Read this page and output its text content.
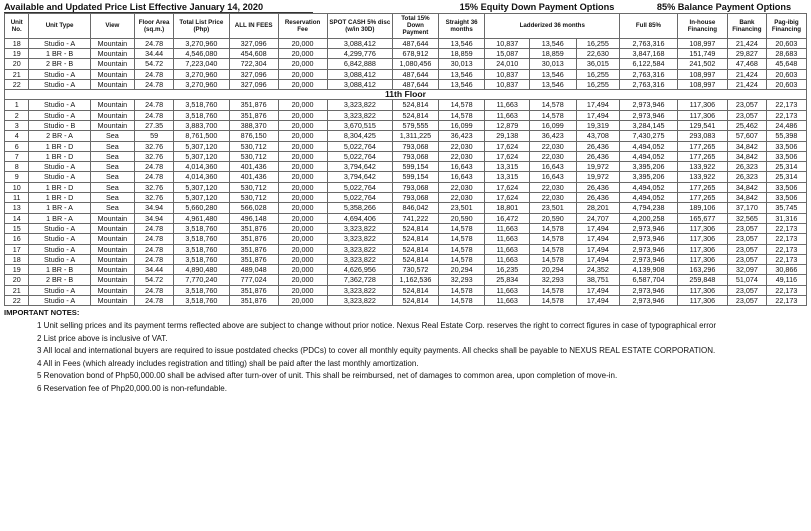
Available and Updated Price List Effective January 14, 2020	15% Equity Down Payment Options	85% Balance Payment Options
Unit No.	Unit Type	View	Floor Area (sq.m.)	Total List Price (Php)	ALL IN FEES	Reservation Fee	SPOT CASH 5% disc (w/in 30D)	Total 15% Down Payment	Straight 36 months	Ladderized 36 months			Full 85%	In-house Financing	Bank Financing	Pag-ibig Financing
18	Studio - A	Mountain	24.78	3,270,960	327,096	20,000	3,088,412	487,644	13,546	10,837	13,546	16,255	2,763,316	108,997	21,424	20,603
19	1 BR - B	Mountain	34.44	4,546,080	454,608	20,000	4,299,776	678,912	18,859	15,087	18,859	22,630	3,847,168	151,749	29,827	28,683
20	2 BR - B	Mountain	54.72	7,223,040	722,304	20,000	6,842,888	1,080,456	30,013	24,010	30,013	36,015	6,122,584	241,502	47,468	45,648
21	Studio - A	Mountain	24.78	3,270,960	327,096	20,000	3,088,412	487,644	13,546	10,837	13,546	16,255	2,763,316	108,997	21,424	20,603
22	Studio - A	Mountain	24.78	3,270,960	327,096	20,000	3,088,412	487,644	13,546	10,837	13,546	16,255	2,763,316	108,997	21,424	20,603
11th Floor																
1	Studio - A	Mountain	24.78	3,518,760	351,876	20,000	3,323,822	524,814	14,578	11,663	14,578	17,494	2,973,946	117,306	23,057	22,173
2	Studio - A	Mountain	24.78	3,518,760	351,876	20,000	3,323,822	524,814	14,578	11,663	14,578	17,494	2,973,946	117,306	23,057	22,173
3	Studio - B	Mountain	27.35	3,883,700	388,370	20,000	3,670,515	579,555	16,099	12,879	16,099	19,319	3,284,145	129,541	25,462	24,486
4	2 BR - A	Sea	59	8,761,500	876,150	20,000	8,304,425	1,311,225	36,423	29,138	36,423	43,708	7,430,275	293,083	57,607	55,398
6	1 BR - D	Sea	32.76	5,307,120	530,712	20,000	5,022,764	793,068	22,030	17,624	22,030	26,436	4,494,052	177,265	34,842	33,506
7	1 BR - D	Sea	32.76	5,307,120	530,712	20,000	5,022,764	793,068	22,030	17,624	22,030	26,436	4,494,052	177,265	34,842	33,506
8	Studio - A	Sea	24.78	4,014,360	401,436	20,000	3,794,642	599,154	16,643	13,315	16,643	19,972	3,395,206	133,922	26,323	25,314
9	Studio - A	Sea	24.78	4,014,360	401,436	20,000	3,794,642	599,154	16,643	13,315	16,643	19,972	3,395,206	133,922	26,323	25,314
10	1 BR - D	Sea	32.76	5,307,120	530,712	20,000	5,022,764	793,068	22,030	17,624	22,030	26,436	4,494,052	177,265	34,842	33,506
11	1 BR - D	Sea	32.76	5,307,120	530,712	20,000	5,022,764	793,068	22,030	17,624	22,030	26,436	4,494,052	177,265	34,842	33,506
13	1 BR - A	Sea	34.94	5,660,280	566,028	20,000	5,358,266	846,042	23,501	18,801	23,501	28,201	4,794,238	189,106	37,170	35,745
14	1 BR - A	Mountain	34.94	4,961,480	496,148	20,000	4,694,406	741,222	20,590	16,472	20,590	24,707	4,200,258	165,677	32,565	31,316
15	Studio - A	Mountain	24.78	3,518,760	351,876	20,000	3,323,822	524,814	14,578	11,663	14,578	17,494	2,973,946	117,306	23,057	22,173
16	Studio - A	Mountain	24.78	3,518,760	351,876	20,000	3,323,822	524,814	14,578	11,663	14,578	17,494	2,973,946	117,306	23,057	22,173
17	Studio - A	Mountain	24.78	3,518,760	351,876	20,000	3,323,822	524,814	14,578	11,663	14,578	17,494	2,973,946	117,306	23,057	22,173
18	Studio - A	Mountain	24.78	3,518,760	351,876	20,000	3,323,822	524,814	14,578	11,663	14,578	17,494	2,973,946	117,306	23,057	22,173
19	1 BR - B	Mountain	34.44	4,890,480	489,048	20,000	4,626,956	730,572	20,294	16,235	20,294	24,352	4,139,908	163,296	32,097	30,866
20	2 BR - B	Mountain	54.72	7,770,240	777,024	20,000	7,362,728	1,162,536	32,293	25,834	32,293	38,751	6,587,704	259,848	51,074	49,116
21	Studio - A	Mountain	24.78	3,518,760	351,876	20,000	3,323,822	524,814	14,578	11,663	14,578	17,494	2,973,946	117,306	23,057	22,173
22	Studio - A	Mountain	24.78	3,518,760	351,876	20,000	3,323,822	524,814	14,578	11,663	14,578	17,494	2,973,946	117,306	23,057	22,173
IMPORTANT NOTES:
1 Unit selling prices and its payment terms reflected above are subject to change without prior notice. Nexus Real Estate Corp. reserves the right to correct figures in case of typographical error
2 List price above is inclusive of VAT.
3 All local and international buyers are required to issue postdated checks (PDCs) to cover all monthly equity payments. All checks shall be payable to NEXUS REAL ESTATE CORPORATION.
4 All in Fees (which already includes registration and titling) shall be paid after the last monthly amortization.
5 Renovation bond of Php50,000.00 shall be advised after turn-over of unit. This shall be reimbursed, net of damages to common area, upon completion of move-in.
6 Reservation fee of Php20,000.00 is non-refundable.
